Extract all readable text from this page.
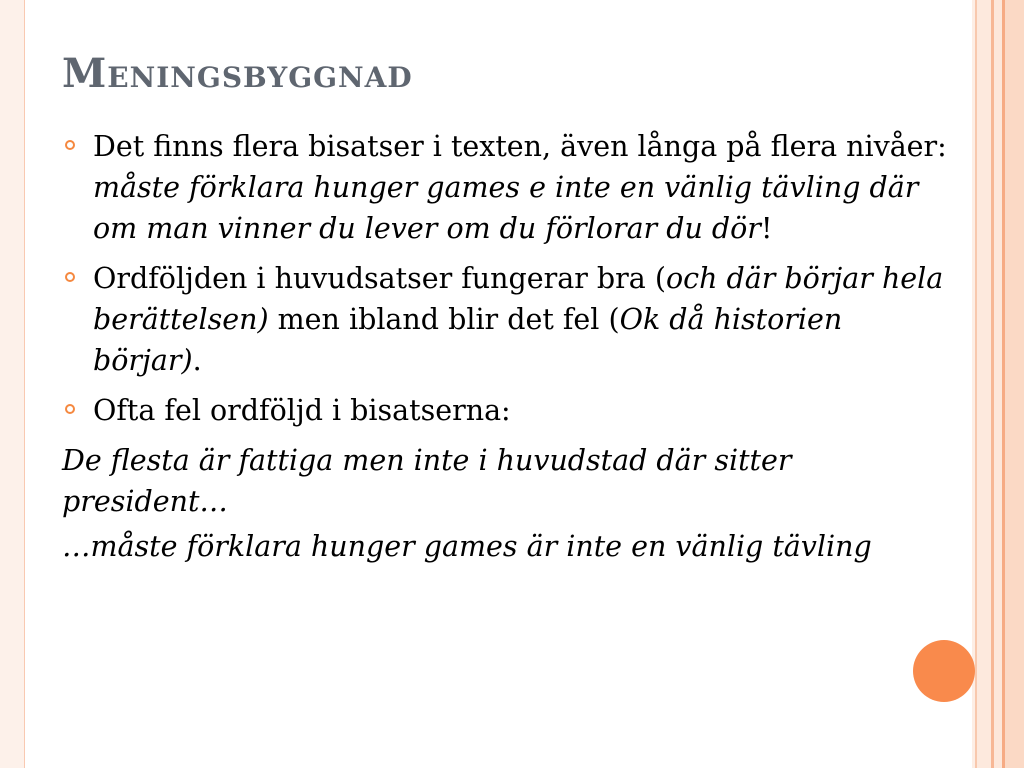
Meningsbyggnad
Det finns flera bisatser i texten, även långa på flera nivåer: måste förklara hunger games e inte en vänlig tävling där om man vinner du lever om du förlorar du dör!
Ordföljden i huvudsatser fungerar bra (och där börjar hela berättelsen) men ibland blir det fel (Ok då historien börjar).
Ofta fel ordföljd i bisatserna:
De flesta är fattiga men inte i huvudstad där sitter president…
…måste förklara hunger games är inte en vänlig tävling
